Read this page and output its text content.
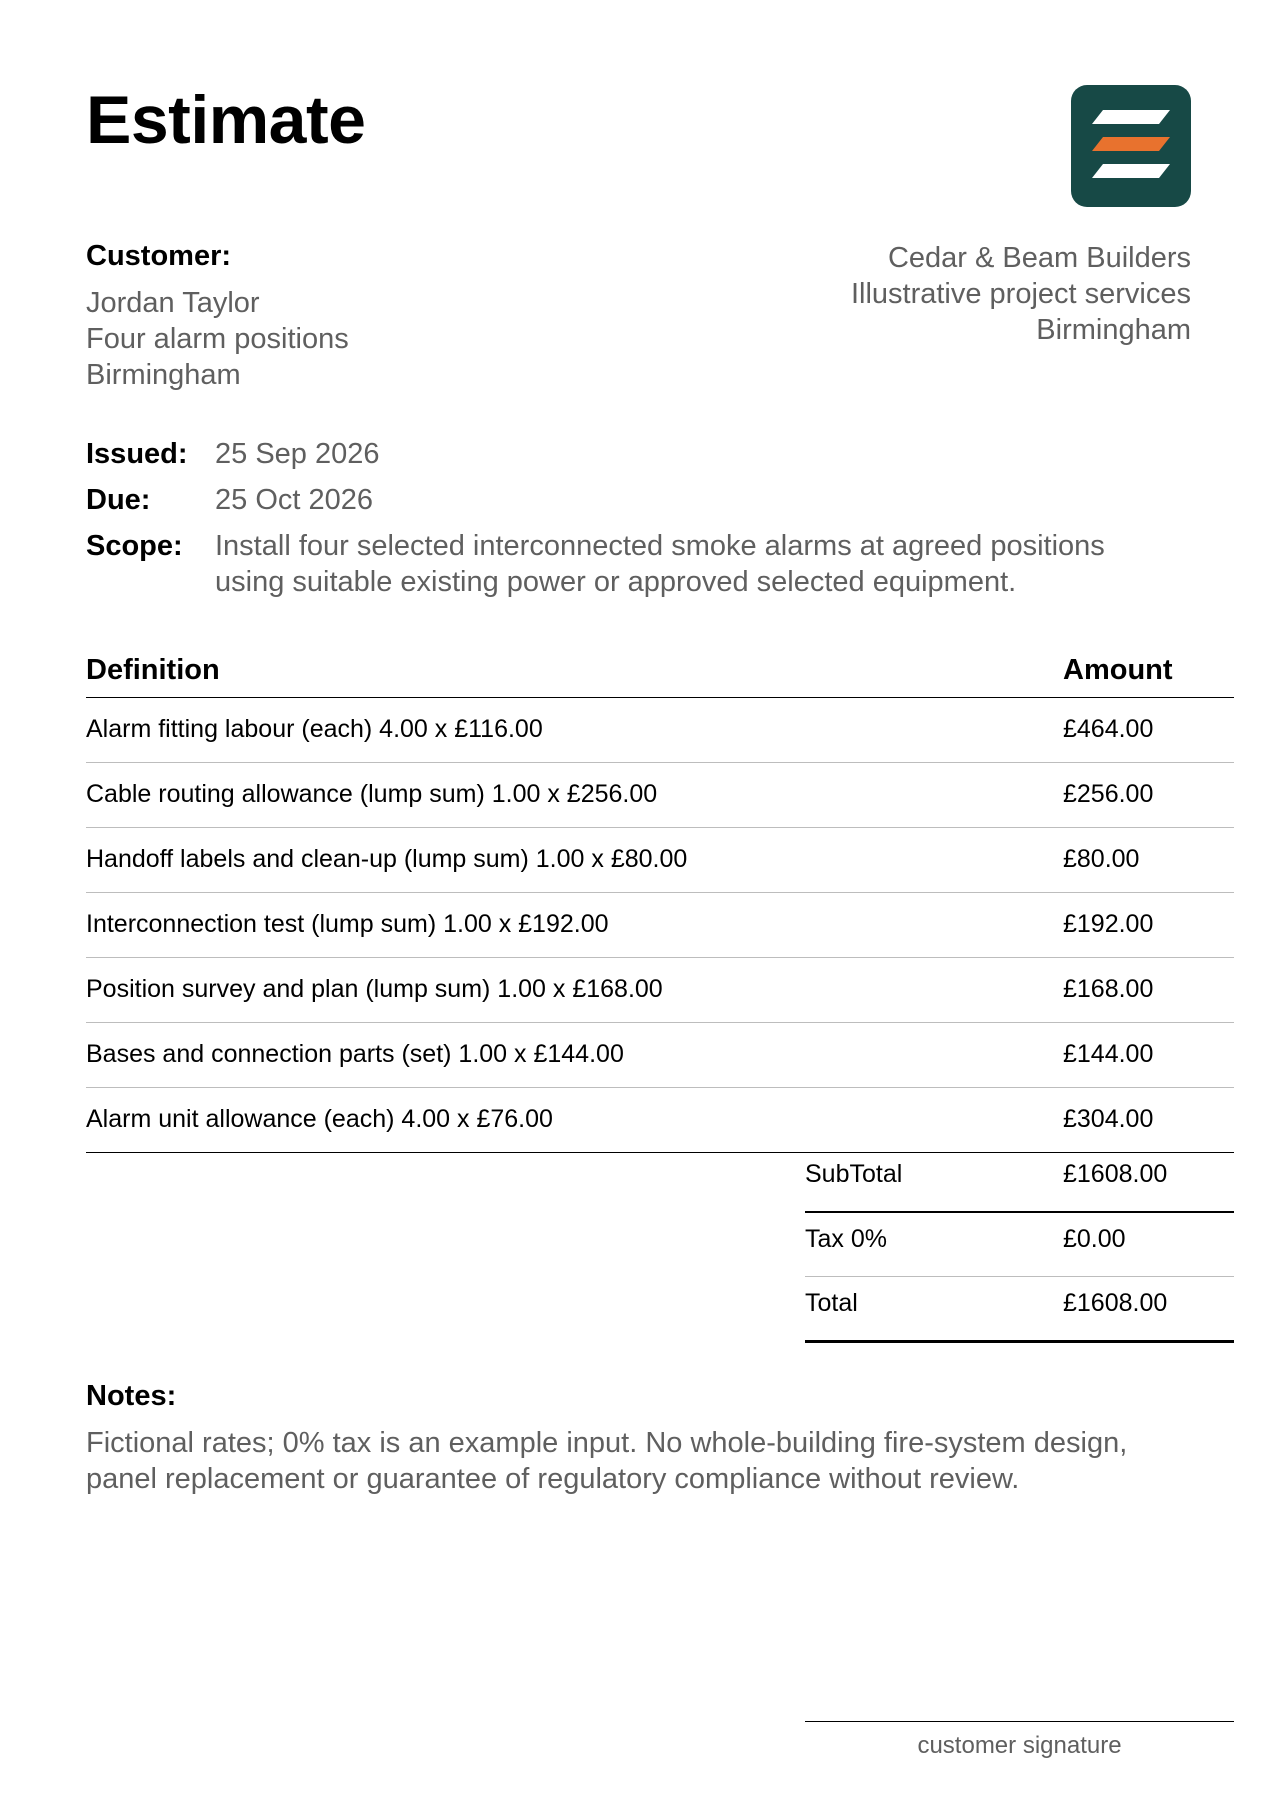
Estimate
Customer:
Jordan Taylor
Four alarm positions
Birmingham
Cedar & Beam Builders
Illustrative project services
Birmingham
Issued: 25 Sep 2026
Due:	25 Oct 2026
Scope:	Install four selected interconnected smoke alarms at agreed positions
using suitable existing power or approved selected equipment.
Definition	Amount
Alarm fitting labour (each) 4.00 x £116.00	£464.00
Cable routing allowance (lump sum) 1.00 x £256.00	£256.00
Handoff labels and clean-up (lump sum) 1.00 x £80.00	£80.00
Interconnection test (lump sum) 1.00 x £192.00	£192.00
Position survey and plan (lump sum) 1.00 x £168.00	£168.00
Bases and connection parts (set) 1.00 x £144.00	£144.00
Alarm unit allowance (each) 4.00 x £76.00	£304.00
SubTotal	£1608.00
Tax 0%	£0.00
Total	£1608.00
Notes:
Fictional rates; 0% tax is an example input. No whole-building fire-system design,
panel replacement or guarantee of regulatory compliance without review.
customer signature
